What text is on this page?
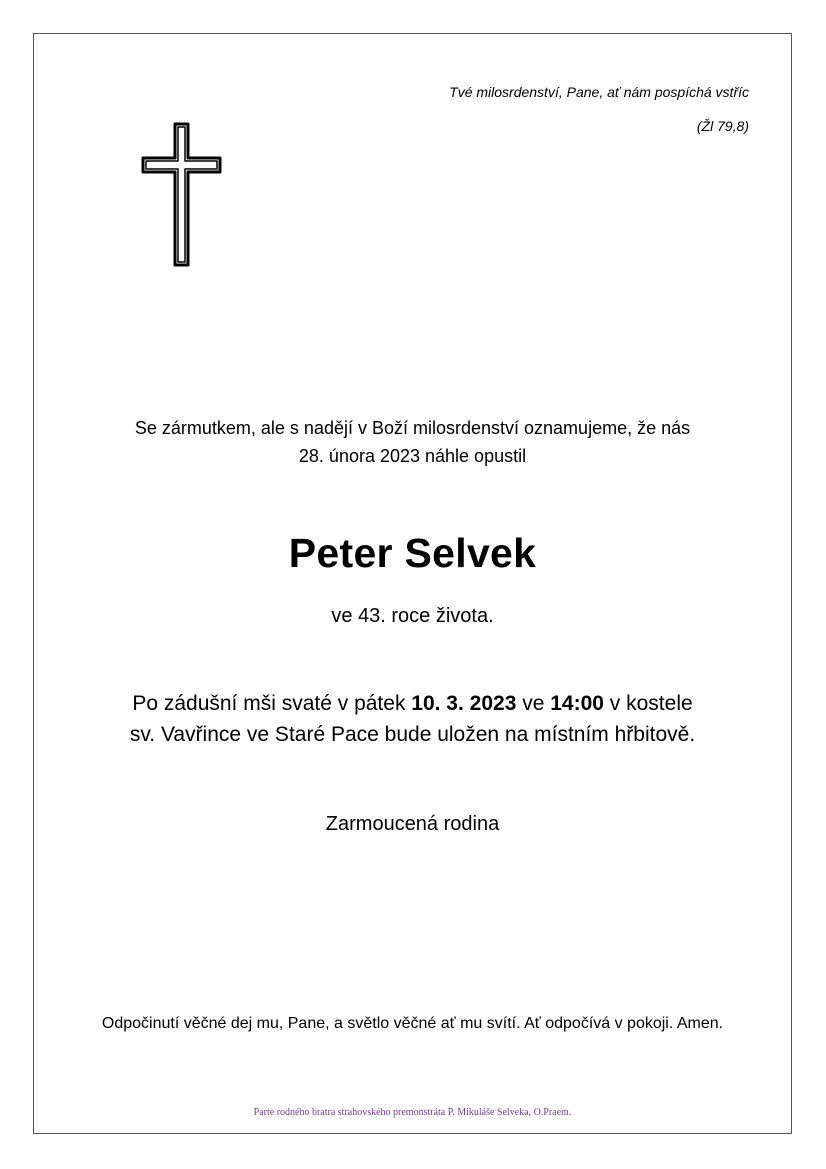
Tvé milosrdenství, Pane, ať nám pospíchá vstříc
(Žl 79,8)
Se zármutkem, ale s nadějí v Boží milosrdenství oznamujeme, že nás
28. února 2023 náhle opustil
Peter Selvek
ve 43. roce života.
Po zádušní mši svaté v pátek 10. 3. 2023 ve 14:00 v kostele
sv. Vavřince ve Staré Pace bude uložen na místním hřbitově.
Zarmoucená rodina
Odpočinutí věčné dej mu, Pane, a světlo věčné ať mu svítí. Ať odpočívá v pokoji. Amen.
Parte rodného bratra strahovského premonstráta P. Mikuláše Selveka, O.Praem.
